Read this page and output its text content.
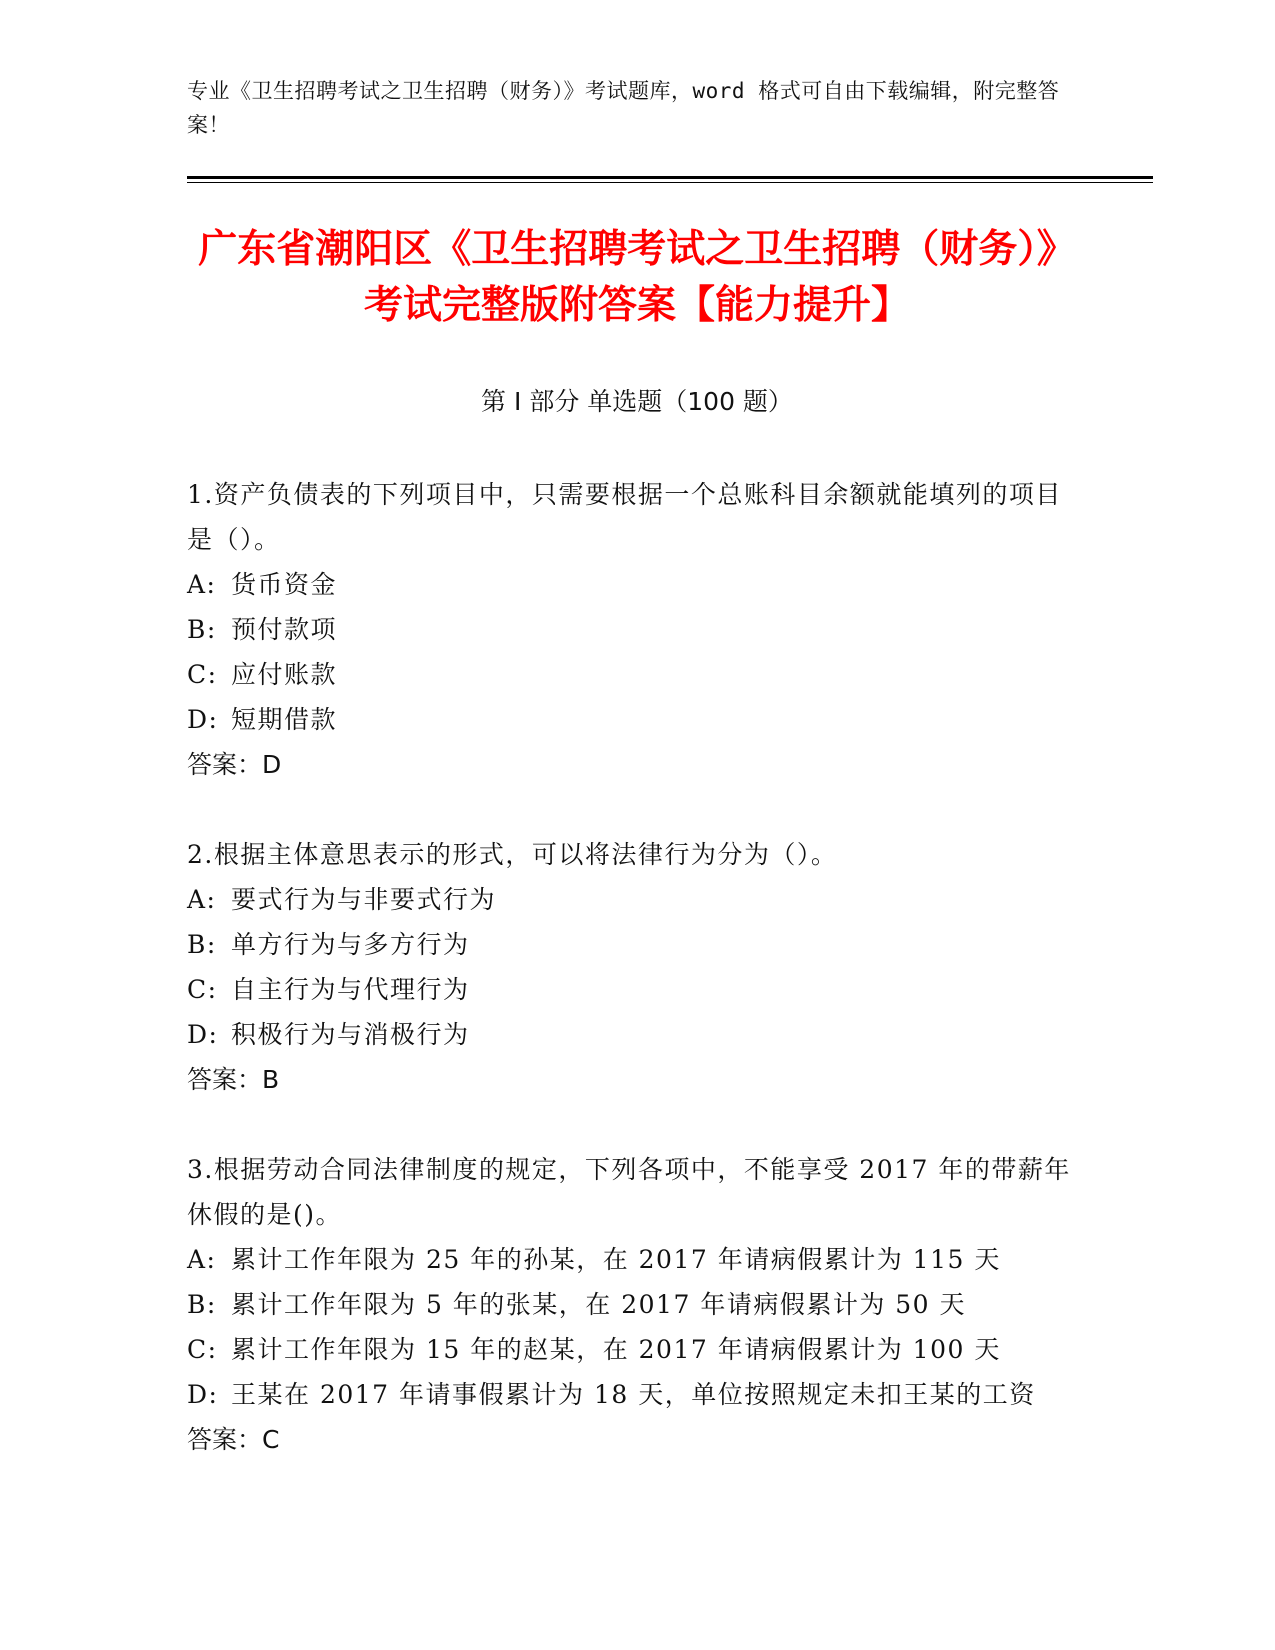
专业《卫生招聘考试之卫生招聘（财务）》考试题库，word 格式可自由下载编辑，附完整答案！
广东省潮阳区《卫生招聘考试之卫生招聘（财务）》考试完整版附答案【能力提升】
第 I 部分 单选题（100 题）

1.资产负债表的下列项目中，只需要根据一个总账科目余额就能填列的项目是（）。

A: 货币资金

B: 预付款项

C: 应付账款

D: 短期借款

答案：D

2.根据主体意思表示的形式，可以将法律行为分为（）。

A: 要式行为与非要式行为

B: 单方行为与多方行为

C: 自主行为与代理行为

D: 积极行为与消极行为

答案：B

3.根据劳动合同法律制度的规定，下列各项中，不能享受 2017 年的带薪年休假的是()。

A: 累计工作年限为 25 年的孙某，在 2017 年请病假累计为 115 天

B: 累计工作年限为 5 年的张某，在 2017 年请病假累计为 50 天

C: 累计工作年限为 15 年的赵某，在 2017 年请病假累计为 100 天

D: 王某在 2017 年请事假累计为 18 天，单位按照规定未扣王某的工资

答案：C
